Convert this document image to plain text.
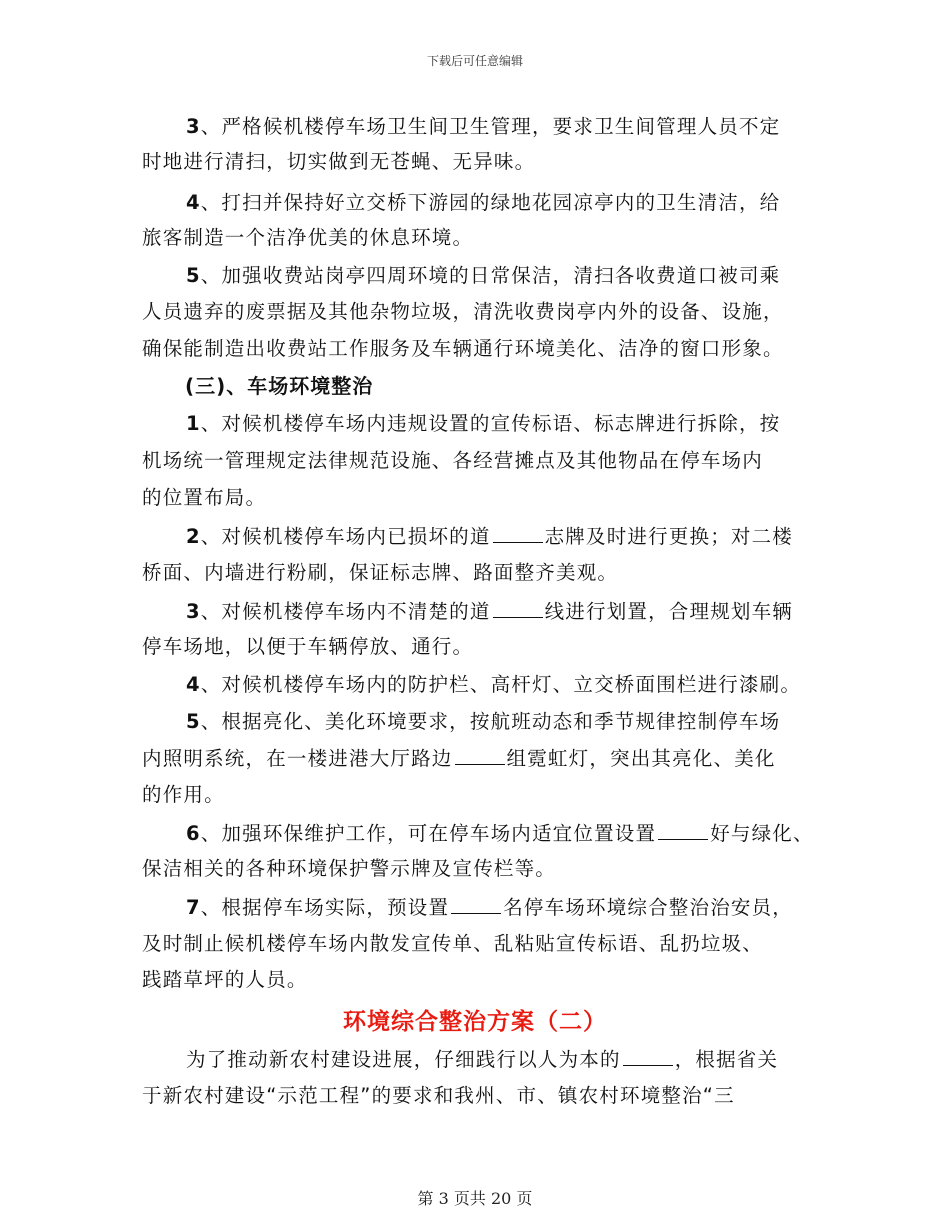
下载后可任意编辑
3、严格候机楼停车场卫生间卫生管理，要求卫生间管理人员不定
时地进行清扫，切实做到无苍蝇、无异味。
4、打扫并保持好立交桥下游园的绿地花园凉亭内的卫生清洁，给
旅客制造一个洁净优美的休息环境。
5、加强收费站岗亭四周环境的日常保洁，清扫各收费道口被司乘
人员遗弃的废票据及其他杂物垃圾，清洗收费岗亭内外的设备、设施，
确保能制造出收费站工作服务及车辆通行环境美化、洁净的窗口形象。
(三)、车场环境整治
1、对候机楼停车场内违规设置的宣传标语、标志牌进行拆除，按
机场统一管理规定法律规范设施、各经营摊点及其他物品在停车场内
的位置布局。
2、对候机楼停车场内已损坏的道	志牌及时进行更换；对二楼
桥面、内墙进行粉刷，保证标志牌、路面整齐美观。
3、对候机楼停车场内不清楚的道	线进行划置，合理规划车辆
停车场地，以便于车辆停放、通行。
4、对候机楼停车场内的防护栏、高杆灯、立交桥面围栏进行漆刷。
5、根据亮化、美化环境要求，按航班动态和季节规律控制停车场
内照明系统，在一楼进港大厅路边	组霓虹灯，突出其亮化、美化
的作用。
6、加强环保维护工作，可在停车场内适宜位置设置	好与绿化、
保洁相关的各种环境保护警示牌及宣传栏等。
7、根据停车场实际，预设置	名停车场环境综合整治治安员，
及时制止候机楼停车场内散发宣传单、乱粘贴宣传标语、乱扔垃圾、
践踏草坪的人员。
环境综合整治方案（二）
为了推动新农村建设进展，仔细践行以人为本的	，根据省关
于新农村建设“示范工程”的要求和我州、市、镇农村环境整治“三
第 3 页共 20 页
